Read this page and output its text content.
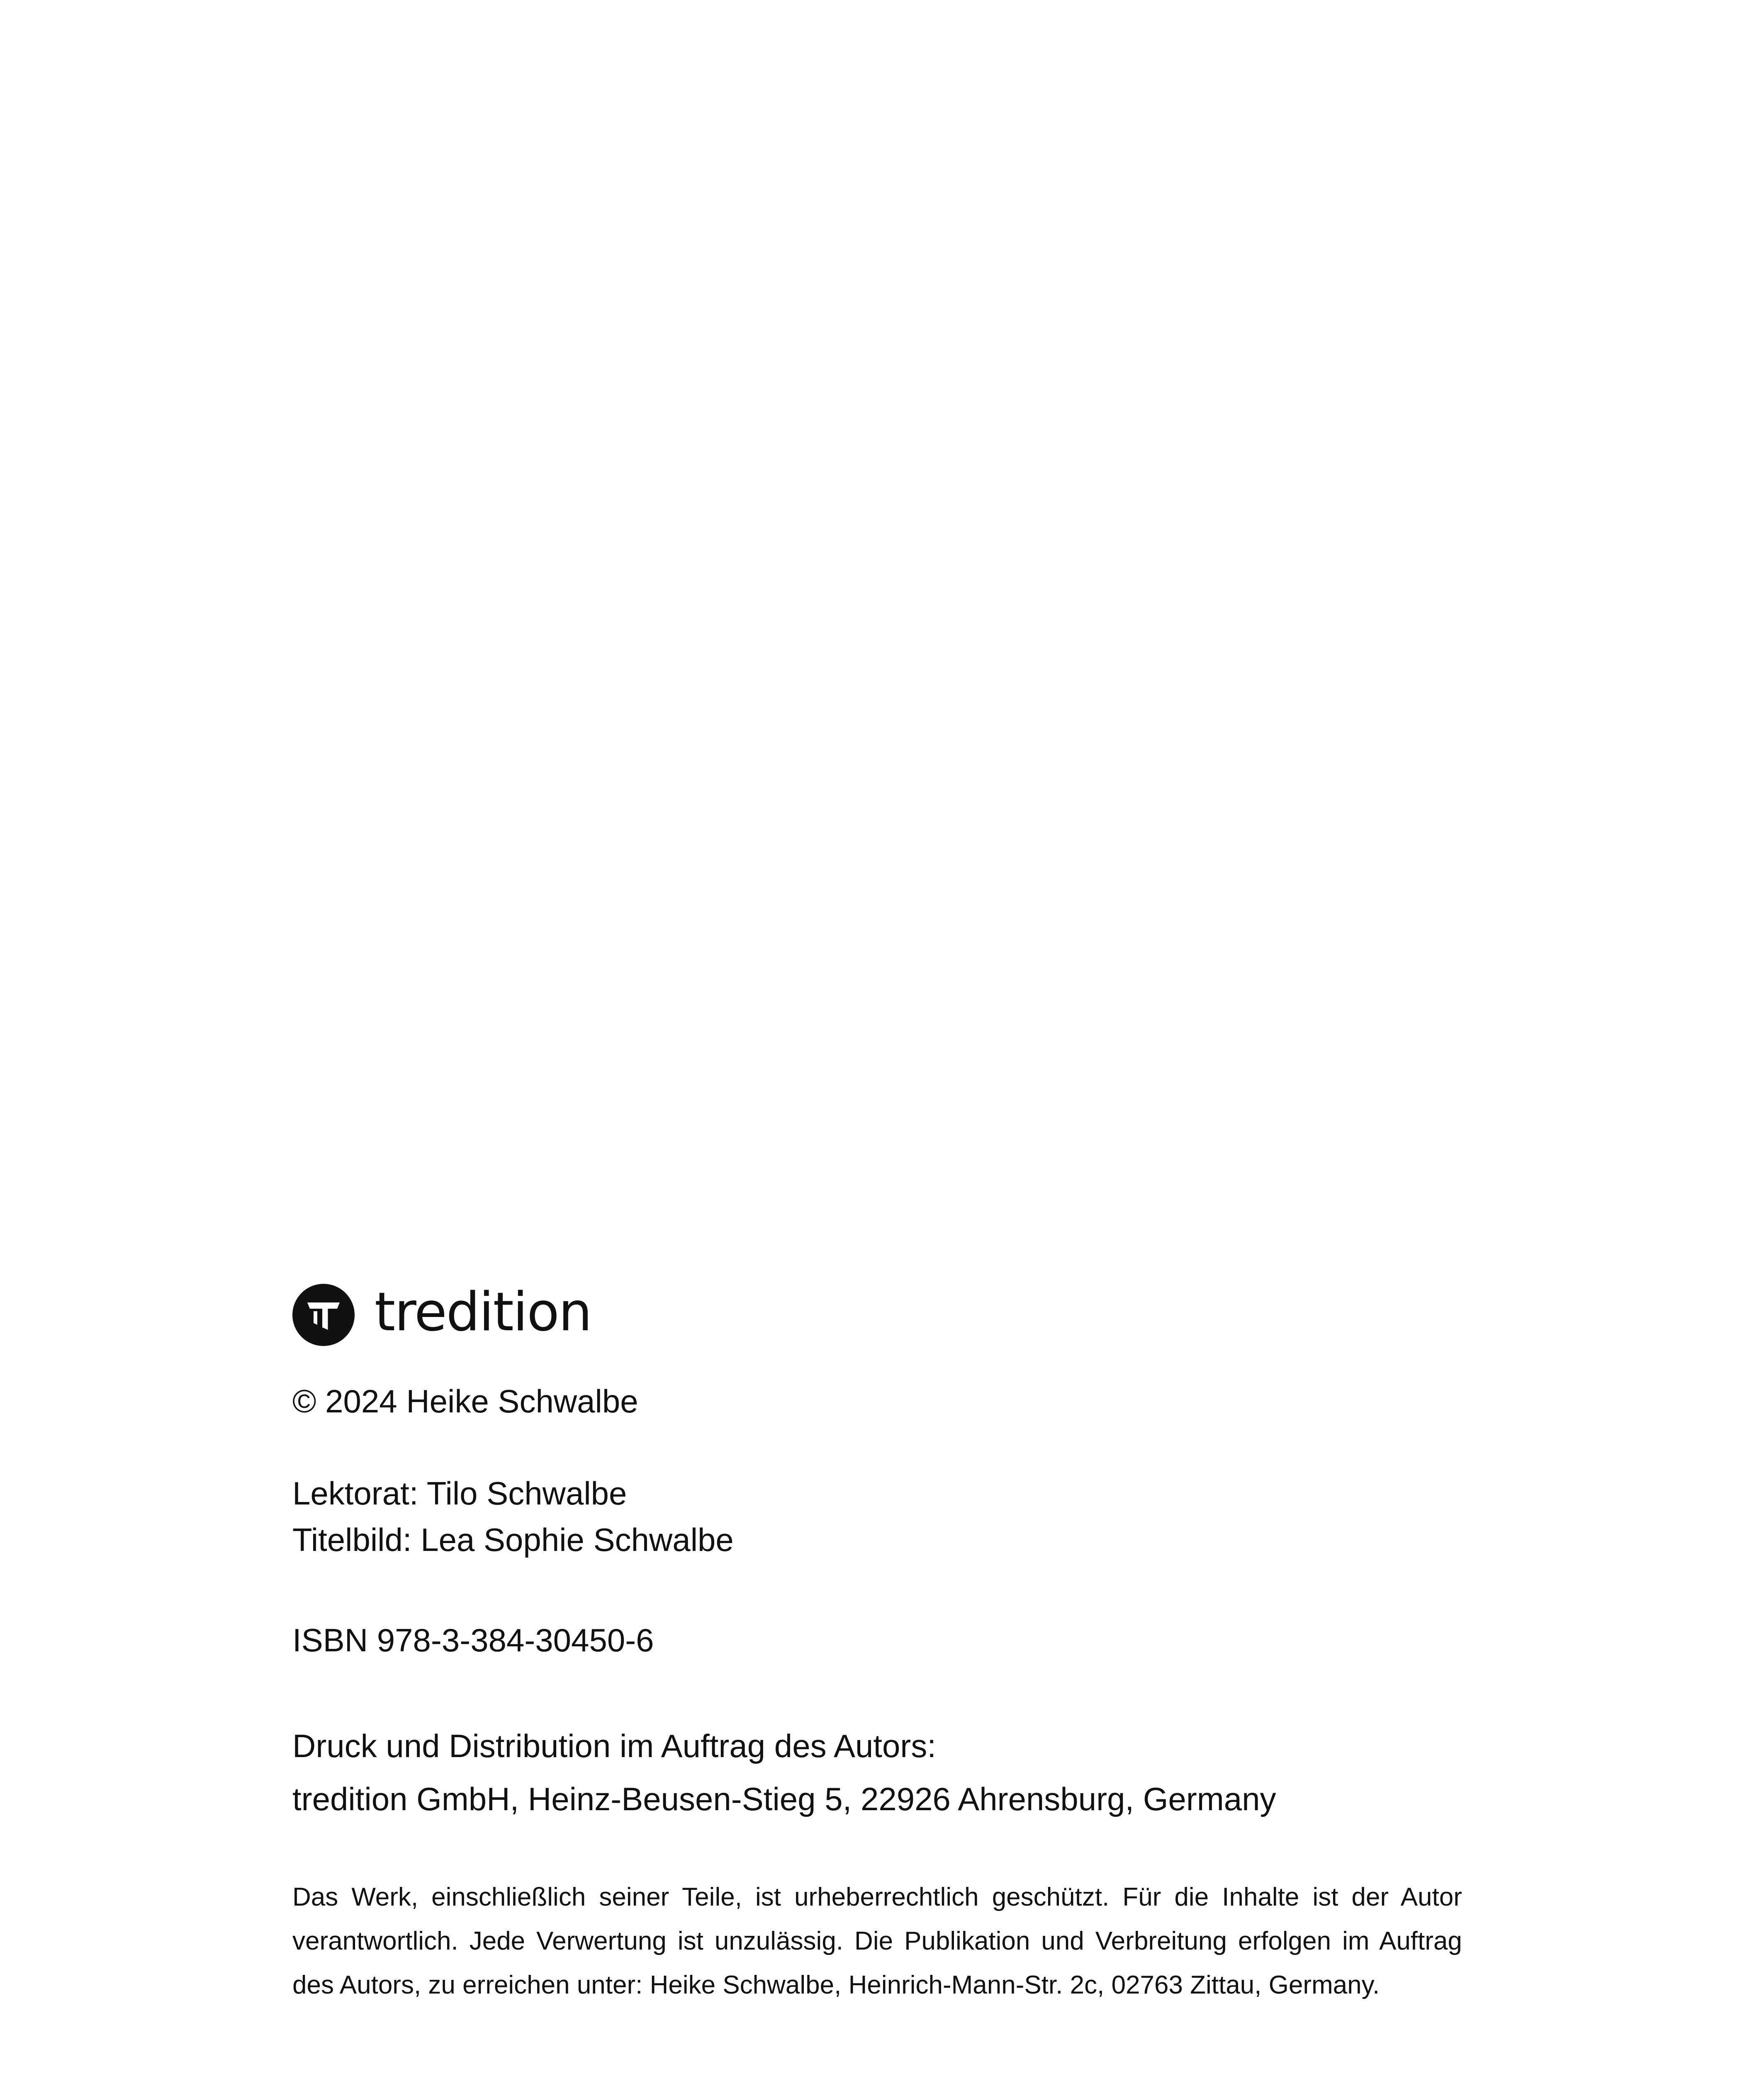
tredition
© 2024 Heike Schwalbe
Lektorat: Tilo Schwalbe
Titelbild: Lea Sophie Schwalbe
ISBN 978-3-384-30450-6
Druck und Distribution im Auftrag des Autors:
tredition GmbH, Heinz-Beusen-Stieg 5, 22926 Ahrensburg, Germany

Das Werk, einschließlich seiner Teile, ist urheberrechtlich geschützt. Für die Inhalte ist der Autor verantwortlich. Jede Verwertung ist unzulässig. Die Publikation und Verbreitung erfolgen im Auftrag des Autors, zu erreichen unter: Heike Schwalbe, Heinrich-Mann-Str. 2c, 02763 Zittau, Germany.
